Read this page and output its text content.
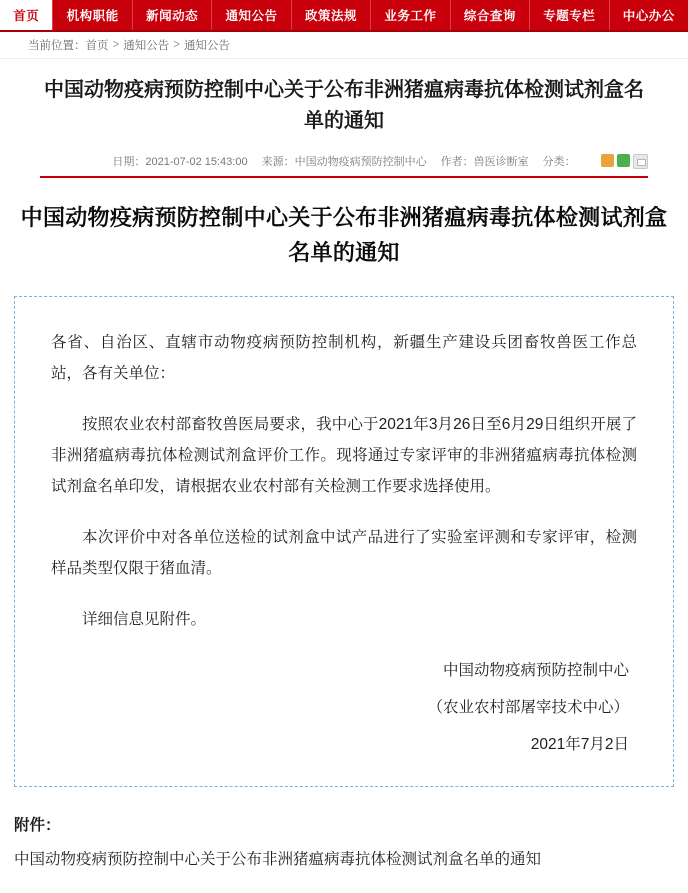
首页	机构职能	新闻动态	通知公告	政策法规	业务工作	综合查询	专题专栏	中心办公
当前位置： 首页 > 通知公告 > 通知公告
中国动物疫病预防控制中心关于公布非洲猪瘟病毒抗体检测试剂盒名单的通知
日期：2021-07-02 15:43:00 来源：中国动物疫病预防控制中心 作者：兽医诊断室 分类：
中国动物疫病预防控制中心关于公布非洲猪瘟病毒抗体检测试剂盒名单的通知

各省、自治区、直辖市动物疫病预防控制机构，新疆生产建设兵团畜牧兽医工作总站，各有关单位：

按照农业农村部畜牧兽医局要求，我中心于2021年3月26日至6月29日组织开展了非洲猪瘟病毒抗体检测试剂盒评价工作。现将通过专家评审的非洲猪瘟病毒抗体检测试剂盒名单印发，请根据农业农村部有关检测工作要求选择使用。

本次评价中对各单位送检的试剂盒中试产品进行了实验室评测和专家评审，检测样品类型仅限于猪血清。

详细信息见附件。

中国动物疫病预防控制中心
（农业农村部屠宰技术中心）
2021年7月2日
附件：
中国动物疫病预防控制中心关于公布非洲猪瘟病毒抗体检测试剂盒名单的通知
